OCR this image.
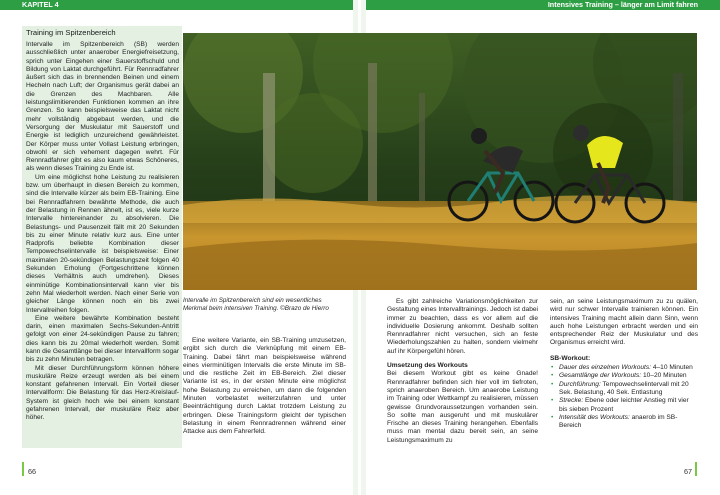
KAPITEL 4	Intensives Training – länger am Limit fahren
Training im Spitzenbereich

Intervalle im Spitzenbereich (SB) werden ausschließlich unter anaerober Energiefreisetzung, sprich unter Eingehen einer Sauerstoffschuld und Bildung von Laktat durchgeführt. Für Rennradfahrer äußert sich das in brennenden Beinen und einem Hecheln nach Luft; der Organismus gerät dabei an die Grenzen des Machbaren. Alle leistungslimitierenden Funktionen kommen an ihre Grenzen. So kann beispielsweise das Laktat nicht mehr vollständig abgebaut werden, und die Versorgung der Muskulatur mit Sauerstoff und Energie ist lediglich unzureichend gewährleistet. Der Körper muss unter Vollast Leistung erbringen, obwohl er sich vehement dagegen wehrt. Für Rennradfahrer gibt es also kaum etwas Schöneres, als wenn dieses Training zu Ende ist.

Um eine möglichst hohe Leistung zu realisieren bzw. um überhaupt in diesen Bereich zu kommen, sind die Intervalle kürzer als beim EB-Training. Eine bei Rennradfahrern bewährte Methode, die auch der Belastung in Rennen ähnelt, ist es, viele kurze Intervalle hintereinander zu absolvieren. Die Belastungs- und Pausenzeit fällt mit 20 Sekunden bis zu einer Minute relativ kurz aus. Eine unter Radprofis beliebte Kombination dieser Tempowechselintervalle ist beispielsweise: Einer maximalen 20-sekündigen Belastungszeit folgen 40 Sekunden Erholung (Fortgeschrittene können dieses Verhältnis auch umdrehen). Dieses einminütige Kombinationsintervall kann vier bis zehn Mal wiederholt werden. Nach einer Serie von gleicher Länge können noch ein bis zwei Intervallreihen folgen.

Eine weitere bewährte Kombination besteht darin, einen maximalen Sechs-Sekunden-Antritt gefolgt von einer 24-sekündigen Pause zu fahren; dies kann bis zu 20mal wiederholt werden. Somit kann die Gesamtlänge bei dieser Intervallform sogar bis zu zehn Minuten betragen.

Mit dieser Durchführungsform können höhere muskuläre Reize erzeugt werden als bei einem konstant gefahrenen Intervall. Ein Vorteil dieser Intervallform: Die Belastung für das Herz-Kreislauf-System ist gleich hoch wie bei einem konstant gefahrenen Intervall, der muskuläre Reiz aber höher.

Intervalle im Spitzenbereich sind ein wesentliches Merkmal beim intensiven Training. ©Brazo de Hierro

Eine weitere Variante, ein SB-Training umzusetzen, ergibt sich durch die Verknüpfung mit einem EB-Training. Dabei fährt man beispielsweise während eines vierminütigen Intervalls die erste Minute im SB- und die restliche Zeit im EB-Bereich. Ziel dieser Variante ist es, in der ersten Minute eine möglichst hohe Belastung zu erreichen, um dann die folgenden Minuten vorbelastet weiterzufahren und unter Beeinträchtigung durch Laktat trotzdem Leistung zu erbringen. Diese Trainingsform gleicht der typischen Belastung in einem Rennradrennen während einer Attacke aus dem Fahrerfeld.

Es gibt zahlreiche Variationsmöglichkeiten zur Gestaltung eines Intervalltrainings. Jedoch ist dabei immer zu beachten, dass es vor allem auf die individuelle Dosierung ankommt. Deshalb sollten Rennradfahrer nicht versuchen, sich an feste Wiederholungszahlen zu halten, sondern vielmehr auf ihr Körpergefühl hören.

Umsetzung des Workouts

Bei diesem Workout gibt es keine Gnade! Rennradfahrer befinden sich hier voll im tiefroten, sprich anaeroben Bereich. Um anaerobe Leistung im Training oder Wettkampf zu realisieren, müssen gewisse Grundvoraussetzungen vorhanden sein. So sollte man ausgeruht und mit muskulärer Frische an dieses Training herangehen. Ebenfalls muss man mental dazu bereit sein, an seine Leistungsmaximum zu

sein, an seine Leistungsmaximum zu zu quälen, wird nur schwer Intervalle trainieren können. Ein intensives Training macht allein dann Sinn, wenn auch hohe Leistungen erbracht werden und ein entsprechender Reiz der Muskulatur und des Organismus erreicht wird.

SB-Workout:
• Dauer des einzelnen Workouts: 4–10 Minuten
• Gesamtlänge der Workouts: 10–20 Minuten
• Durchführung: Tempowechselintervall mit 20 Sek. Belastung, 40 Sek. Entlastung
• Strecke: Ebene oder leichter Anstieg mit vier bis sieben Prozent
• Intensität des Workouts: anaerob im SB-Bereich
66	67
